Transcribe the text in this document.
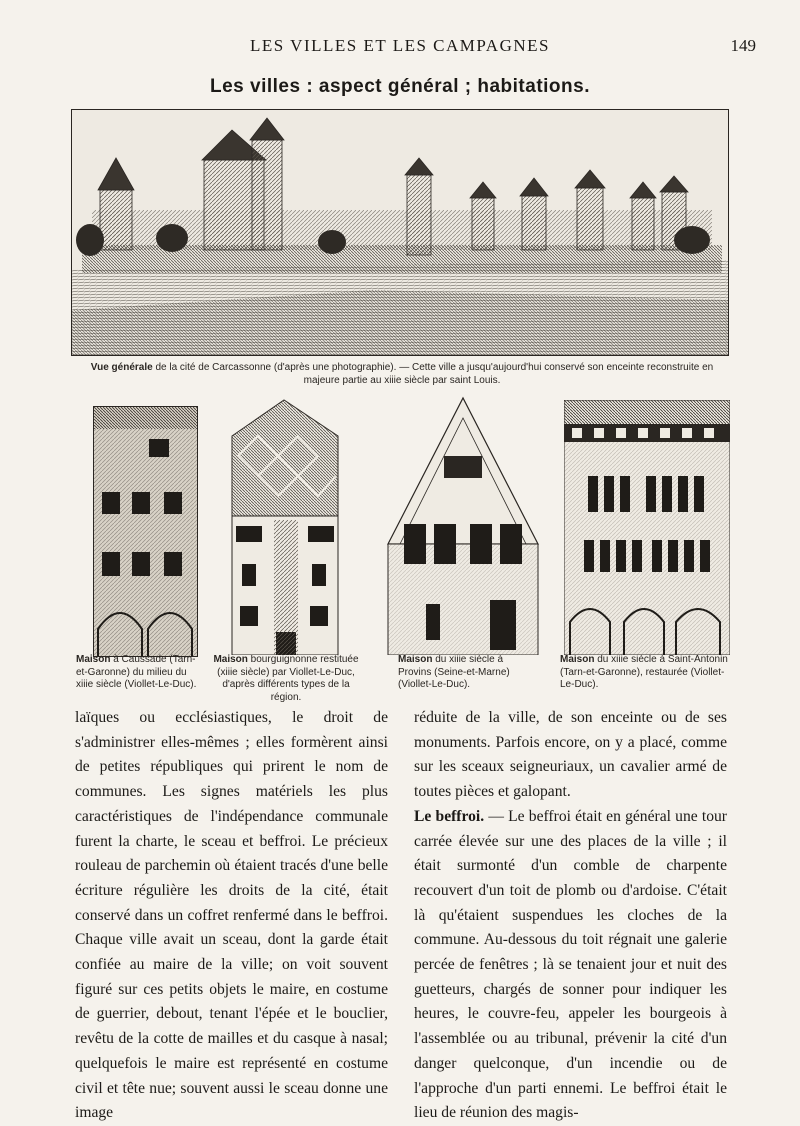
LES VILLES ET LES CAMPAGNES	149
Les villes : aspect général ; habitations.
Vue générale de la cité de Carcassonne (d'après une photographie). — Cette ville a jusqu'aujourd'hui conservé son enceinte reconstruite en majeure partie au xiiie siècle par saint Louis.
Maison à Caussade (Tarn-et-Garonne) du milieu du xiiie siècle (Viollet-Le-Duc).
Maison bourguignonne restituée (xiiie siècle) par Viollet-Le-Duc, d'après différents types de la région.
Maison du xiiie siècle à Provins (Seine-et-Marne) (Viollet-Le-Duc).
Maison du xiiie siècle à Saint-Antonin (Tarn-et-Garonne), restaurée (Viollet-Le-Duc).

laïques ou ecclésiastiques, le droit de s'administrer elles-mêmes ; elles formèrent ainsi de petites républiques qui prirent le nom de communes. Les signes matériels les plus caractéristiques de l'indépendance communale furent la charte, le sceau et beffroi. Le précieux rouleau de parchemin où étaient tracés d'une belle écriture régulière les droits de la cité, était conservé dans un coffret renfermé dans le beffroi. Chaque ville avait un sceau, dont la garde était confiée au maire de la ville; on voit souvent figuré sur ces petits objets le maire, en costume de guerrier, debout, tenant l'épée et le bouclier, revêtu de la cotte de mailles et du casque à nasal; quelquefois le maire est représenté en costume civil et tête nue; souvent aussi le sceau donne une image

réduite de la ville, de son enceinte ou de ses monuments. Parfois encore, on y a placé, comme sur les sceaux seigneuriaux, un cavalier armé de toutes pièces et galopant.

Le beffroi. — Le beffroi était en général une tour carrée élevée sur une des places de la ville ; il était surmonté d'un comble de charpente recouvert d'un toit de plomb ou d'ardoise. C'était là qu'étaient suspendues les cloches de la commune. Au-dessous du toit régnait une galerie percée de fenêtres ; là se tenaient jour et nuit des guetteurs, chargés de sonner pour indiquer les heures, le couvre-feu, appeler les bourgeois à l'assemblée ou au tribunal, prévenir la cité d'un danger quelconque, d'un incendie ou de l'approche d'un parti ennemi. Le beffroi était le lieu de réunion des magis-
